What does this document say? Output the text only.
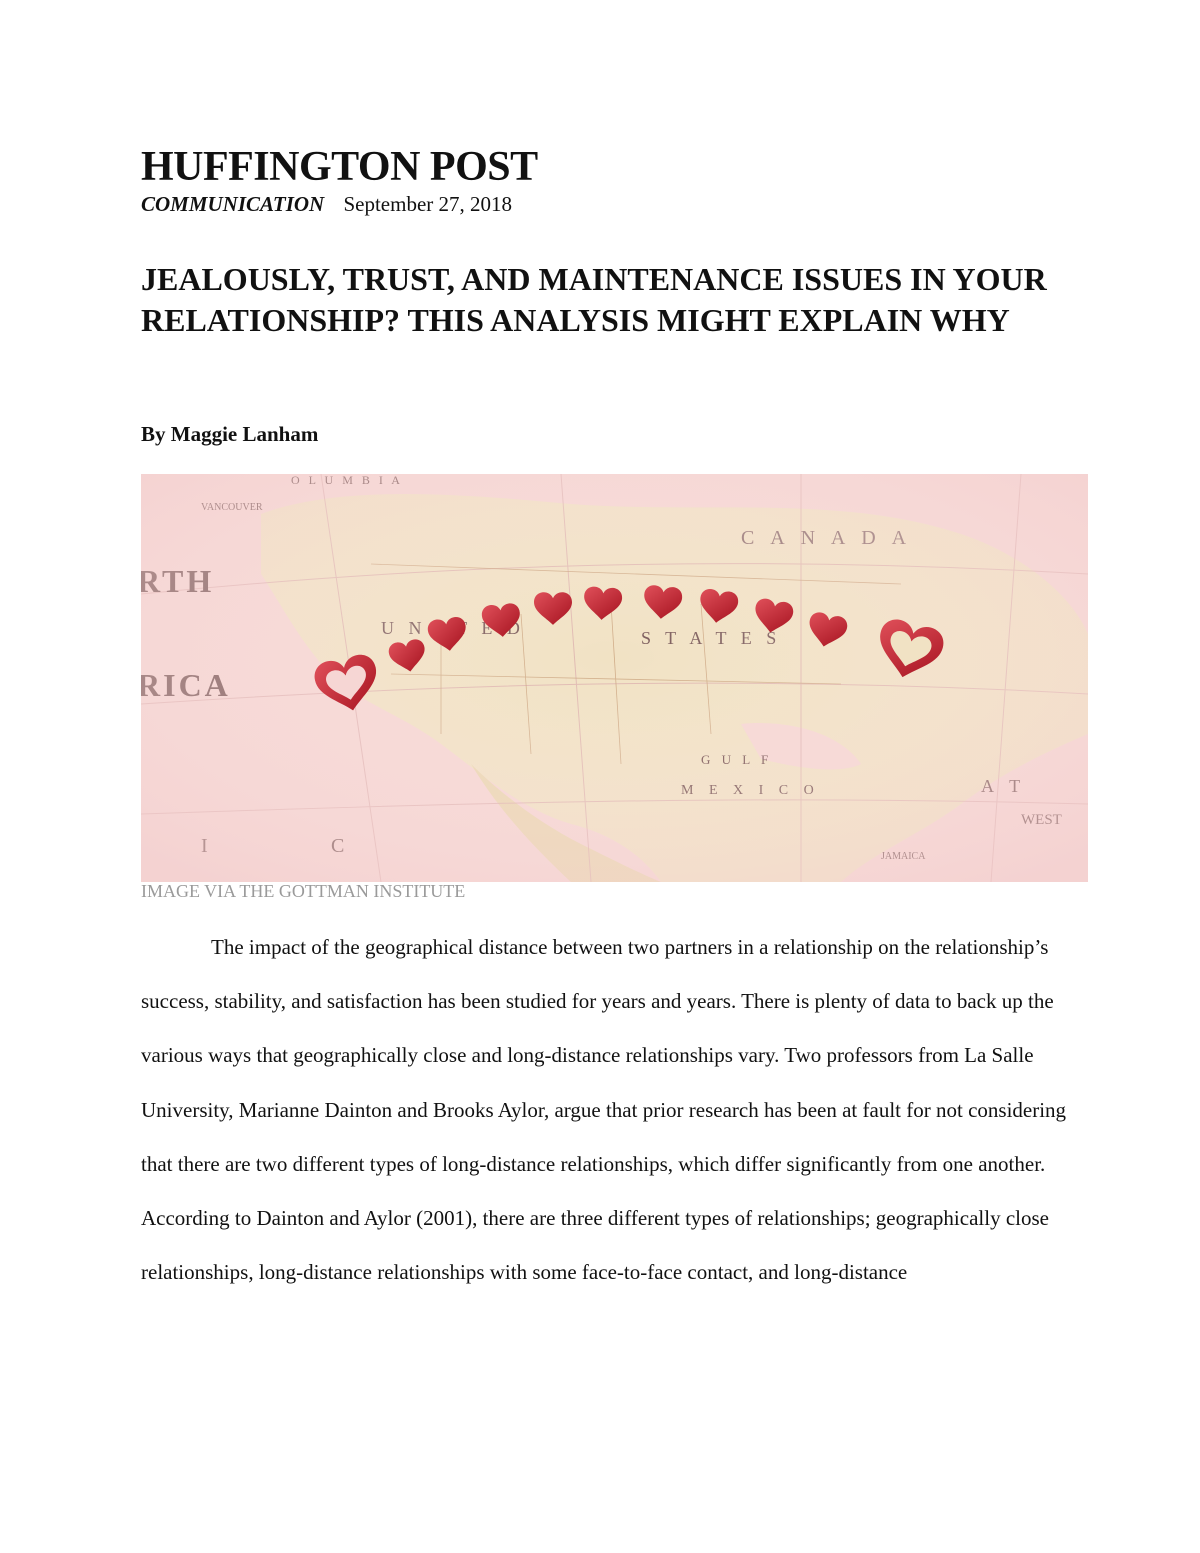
HUFFINGTON POST
COMMUNICATION September 27, 2018
JEALOUSLY, TRUST, AND MAINTENANCE ISSUES IN YOUR RELATIONSHIP? THIS ANALYSIS MIGHT EXPLAIN WHY
By Maggie Lanham
IMAGE VIA THE GOTTMAN INSTITUTE

The impact of the geographical distance between two partners in a relationship on the relationship’s success, stability, and satisfaction has been studied for years and years. There is plenty of data to back up the various ways that geographically close and long-distance relationships vary. Two professors from La Salle University, Marianne Dainton and Brooks Aylor, argue that prior research has been at fault for not considering that there are two different types of long-distance relationships, which differ significantly from one another. According to Dainton and Aylor (2001), there are three different types of relationships; geographically close relationships, long-distance relationships with some face-to-face contact, and long-distance
